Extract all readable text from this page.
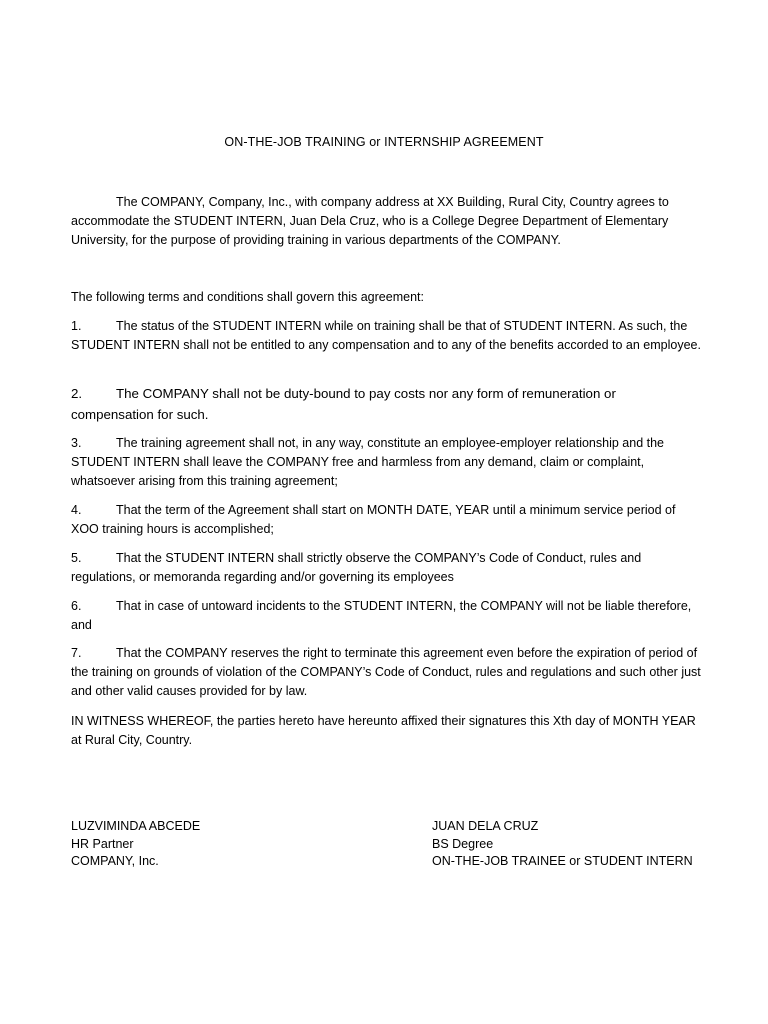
ON-THE-JOB TRAINING or INTERNSHIP AGREEMENT
The COMPANY, Company, Inc., with company address at XX Building, Rural City, Country agrees to accommodate the STUDENT INTERN, Juan Dela Cruz, who is a College Degree Department of Elementary University, for the purpose of providing training in various departments of the COMPANY.
The following terms and conditions shall govern this agreement:
1.	The status of the STUDENT INTERN while on training shall be that of STUDENT INTERN. As such, the STUDENT INTERN shall not be entitled to any compensation and to any of the benefits accorded to an employee.
2.	The COMPANY shall not be duty-bound to pay costs nor any form of remuneration or compensation for such.
3.	The training agreement shall not, in any way, constitute an employee-employer relationship and the STUDENT INTERN shall leave the COMPANY free and harmless from any demand, claim or complaint, whatsoever arising from this training agreement;
4.	That the term of the Agreement shall start on MONTH DATE, YEAR until a minimum service period of XOO training hours is accomplished;
5.	That the STUDENT INTERN shall strictly observe the COMPANY’s Code of Conduct, rules and regulations, or memoranda regarding and/or governing its employees
6.	That in case of untoward incidents to the STUDENT INTERN, the COMPANY will not be liable therefore, and
7.	That the COMPANY reserves the right to terminate this agreement even before the expiration of period of the training on grounds of violation of the COMPANY’s Code of Conduct, rules and regulations and such other just and other valid causes provided for by law.
IN WITNESS WHEREOF, the parties hereto have hereunto affixed their signatures this Xth day of MONTH YEAR at Rural City, Country.
LUZVIMINDA ABCEDE
HR Partner
COMPANY, Inc.
JUAN DELA CRUZ
BS Degree
ON-THE-JOB TRAINEE or STUDENT INTERN
